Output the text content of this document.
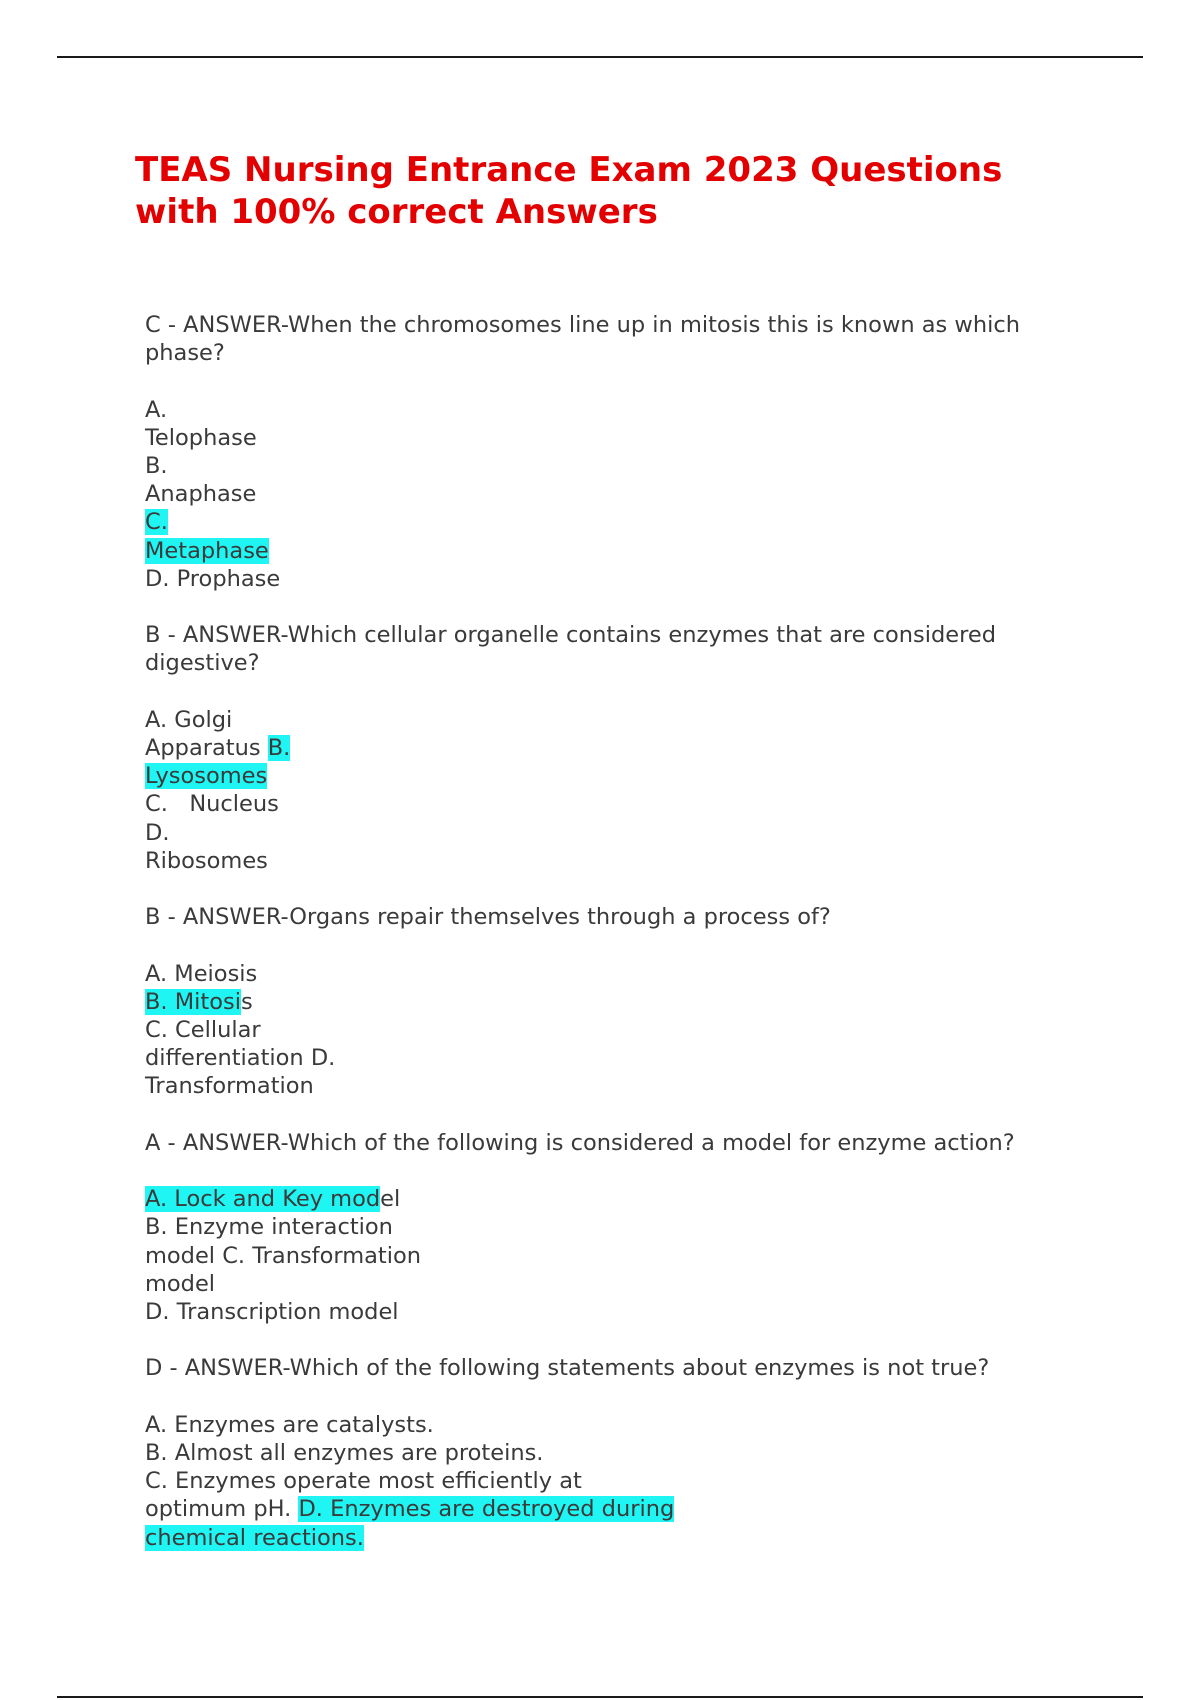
TEAS Nursing Entrance Exam 2023 Questions
with 100% correct Answers
C - ANSWER-When the chromosomes line up in mitosis this is known as which
phase?
A.
Telophase
B.
Anaphase
C.
Metaphase
D. Prophase
B - ANSWER-Which cellular organelle contains enzymes that are considered
digestive?
A. Golgi
Apparatus B.
Lysosomes
C.   Nucleus
D.
Ribosomes
B - ANSWER-Organs repair themselves through a process of?
A. Meiosis
B. Mitosis
C. Cellular
differentiation D.
Transformation
A - ANSWER-Which of the following is considered a model for enzyme action?
A. Lock and Key model
B. Enzyme interaction
model C. Transformation
model
D. Transcription model
D - ANSWER-Which of the following statements about enzymes is not true?
A. Enzymes are catalysts.
B. Almost all enzymes are proteins.
C. Enzymes operate most efficiently at
optimum pH. D. Enzymes are destroyed during
chemical reactions.
